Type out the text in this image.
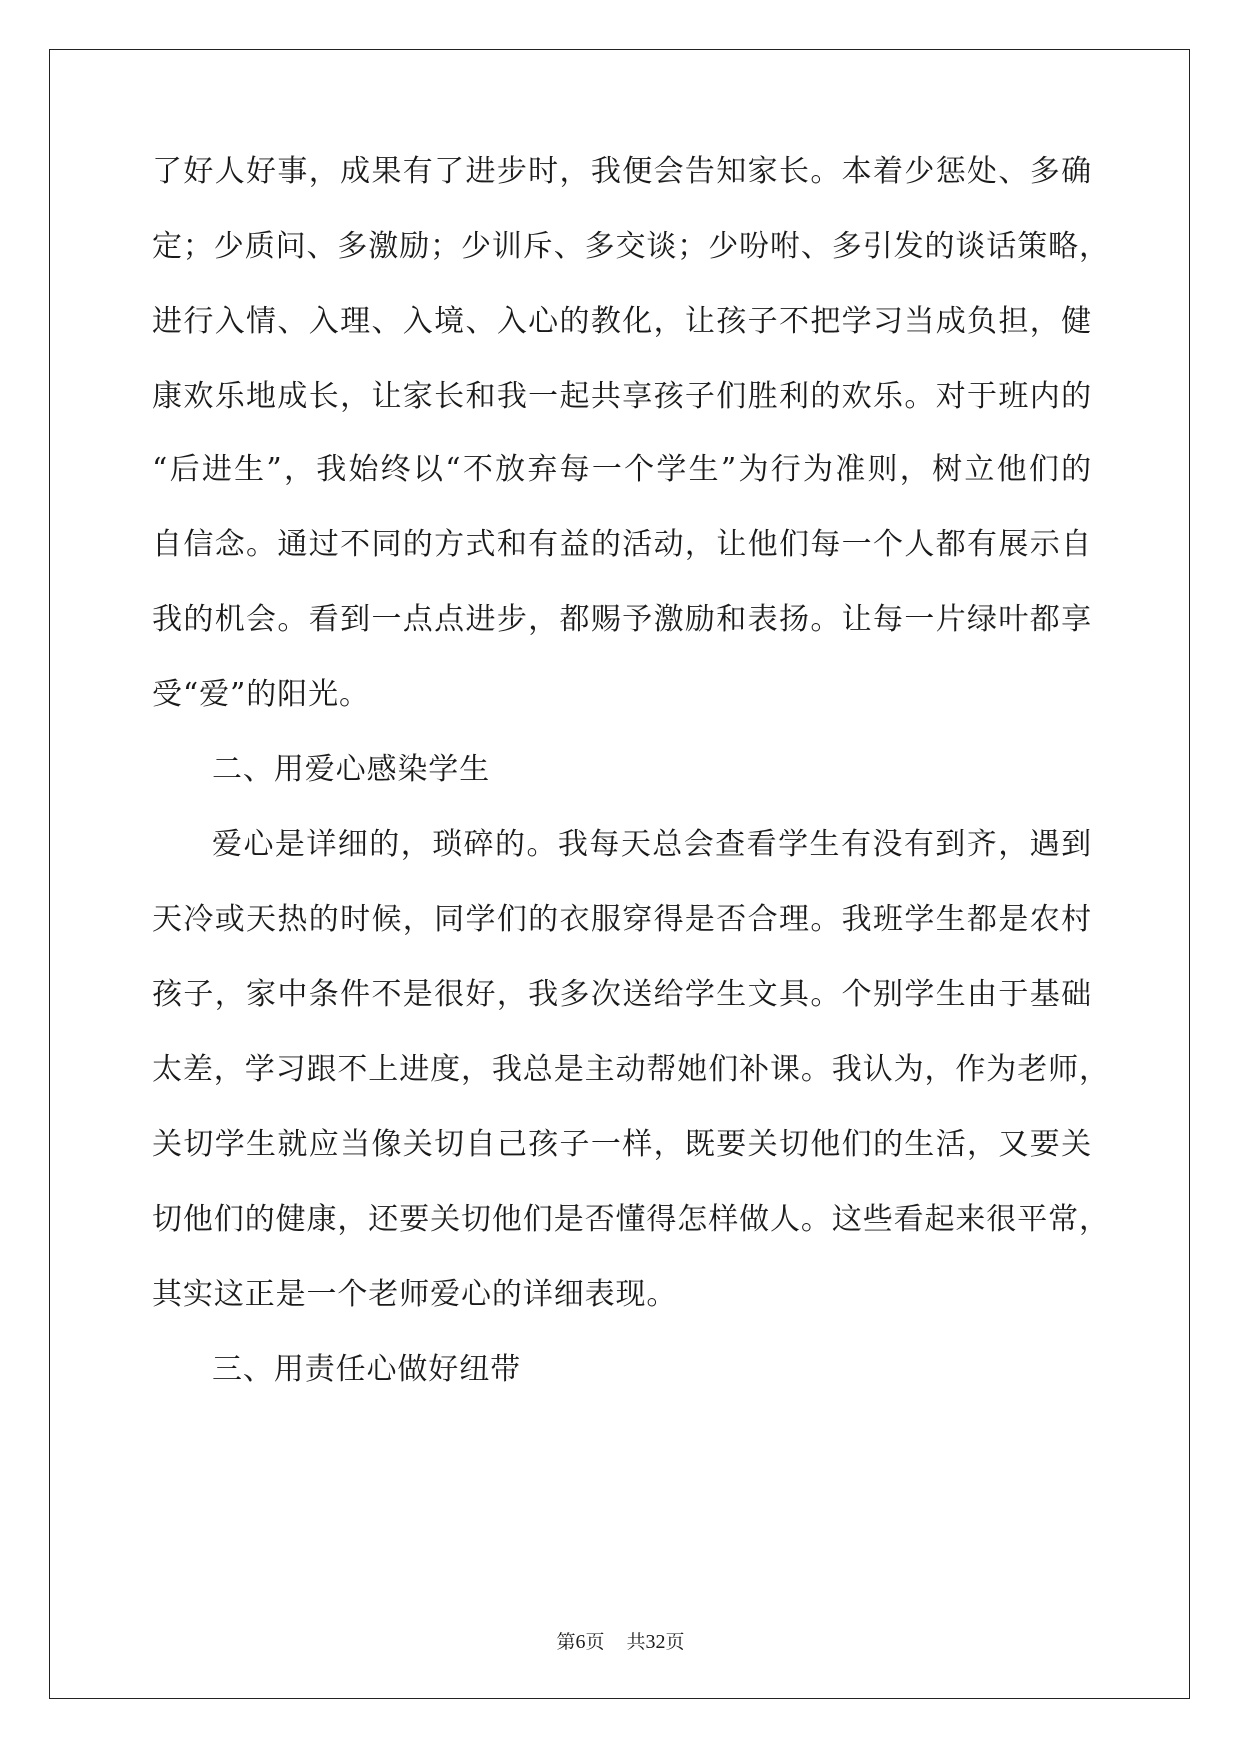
了好人好事，成果有了进步时，我便会告知家长。本着少惩处、多确
定；少质问、多激励；少训斥、多交谈；少吩咐、多引发的谈话策略，
进行入情、入理、入境、入心的教化，让孩子不把学习当成负担，健
康欢乐地成长，让家长和我一起共享孩子们胜利的欢乐。对于班内的
“后进生”，我始终以“不放弃每一个学生”为行为准则，树立他们的
自信念。通过不同的方式和有益的活动，让他们每一个人都有展示自
我的机会。看到一点点进步，都赐予激励和表扬。让每一片绿叶都享
受“爱”的阳光。
二、用爱心感染学生
爱心是详细的，琐碎的。我每天总会查看学生有没有到齐，遇到
天冷或天热的时候，同学们的衣服穿得是否合理。我班学生都是农村
孩子，家中条件不是很好，我多次送给学生文具。个别学生由于基础
太差，学习跟不上进度，我总是主动帮她们补课。我认为，作为老师，
关切学生就应当像关切自己孩子一样，既要关切他们的生活，又要关
切他们的健康，还要关切他们是否懂得怎样做人。这些看起来很平常，
其实这正是一个老师爱心的详细表现。
三、用责任心做好纽带
第6页 共32页
